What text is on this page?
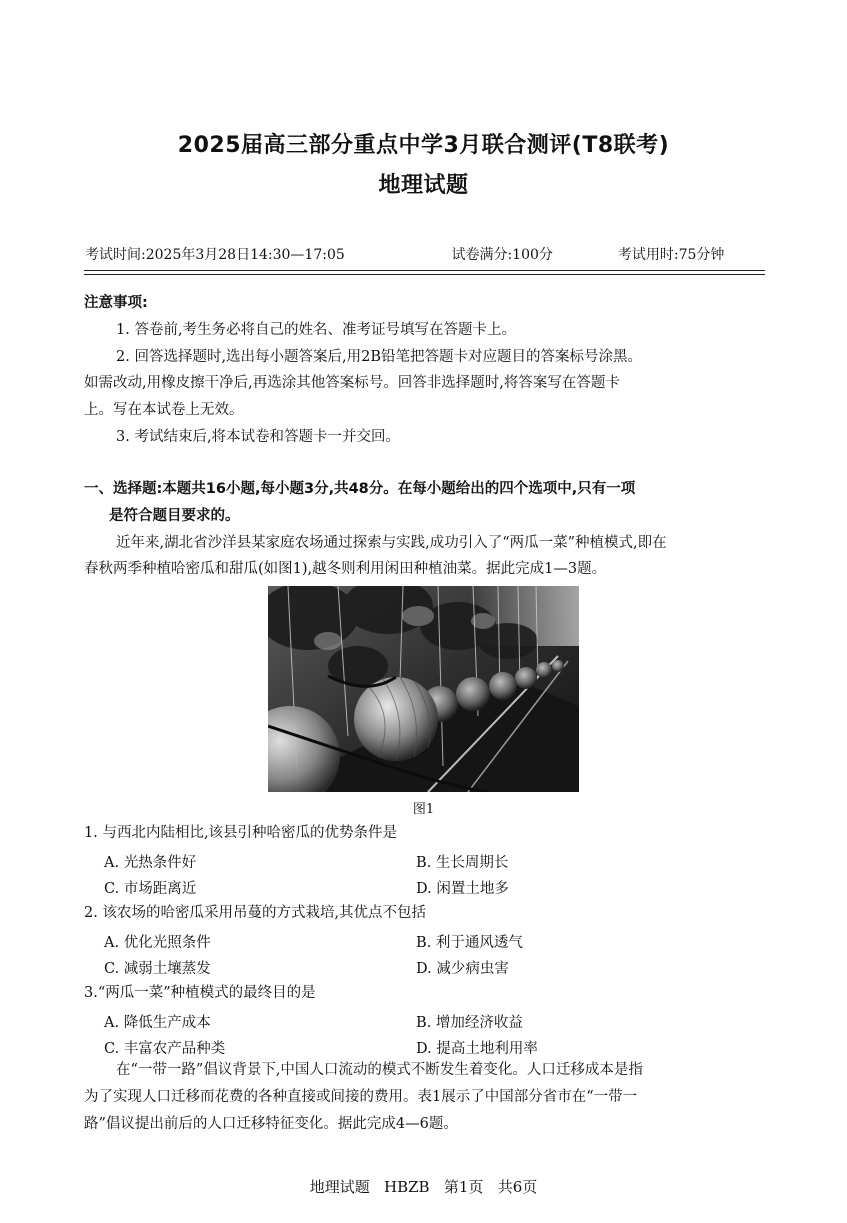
2025届高三部分重点中学3月联合测评(T8联考)
地理试题
考试时间:2025年3月28日14:30—17:05	试卷满分:100分	考试用时:75分钟
注意事项:
1. 答卷前,考生务必将自己的姓名、准考证号填写在答题卡上。
2. 回答选择题时,选出每小题答案后,用2B铅笔把答题卡对应题目的答案标号涂黑。
如需改动,用橡皮擦干净后,再选涂其他答案标号。回答非选择题时,将答案写在答题卡
上。写在本试卷上无效。
3. 考试结束后,将本试卷和答题卡一并交回。
一、选择题:本题共16小题,每小题3分,共48分。在每小题给出的四个选项中,只有一项
是符合题目要求的。
近年来,湖北省沙洋县某家庭农场通过探索与实践,成功引入了“两瓜一菜”种植模式,即在
春秋两季种植哈密瓜和甜瓜(如图1),越冬则利用闲田种植油菜。据此完成1—3题。
图1
1. 与西北内陆相比,该县引种哈密瓜的优势条件是
A. 光热条件好	B. 生长周期长
C. 市场距离近	D. 闲置土地多
2. 该农场的哈密瓜采用吊蔓的方式栽培,其优点不包括
A. 优化光照条件	B. 利于通风透气
C. 减弱土壤蒸发	D. 减少病虫害
3.“两瓜一菜”种植模式的最终目的是
A. 降低生产成本	B. 增加经济收益
C. 丰富农产品种类	D. 提高土地利用率
在“一带一路”倡议背景下,中国人口流动的模式不断发生着变化。人口迁移成本是指
为了实现人口迁移而花费的各种直接或间接的费用。表1展示了中国部分省市在“一带一
路”倡议提出前后的人口迁移特征变化。据此完成4—6题。
地理试题   HBZB   第1页   共6页
